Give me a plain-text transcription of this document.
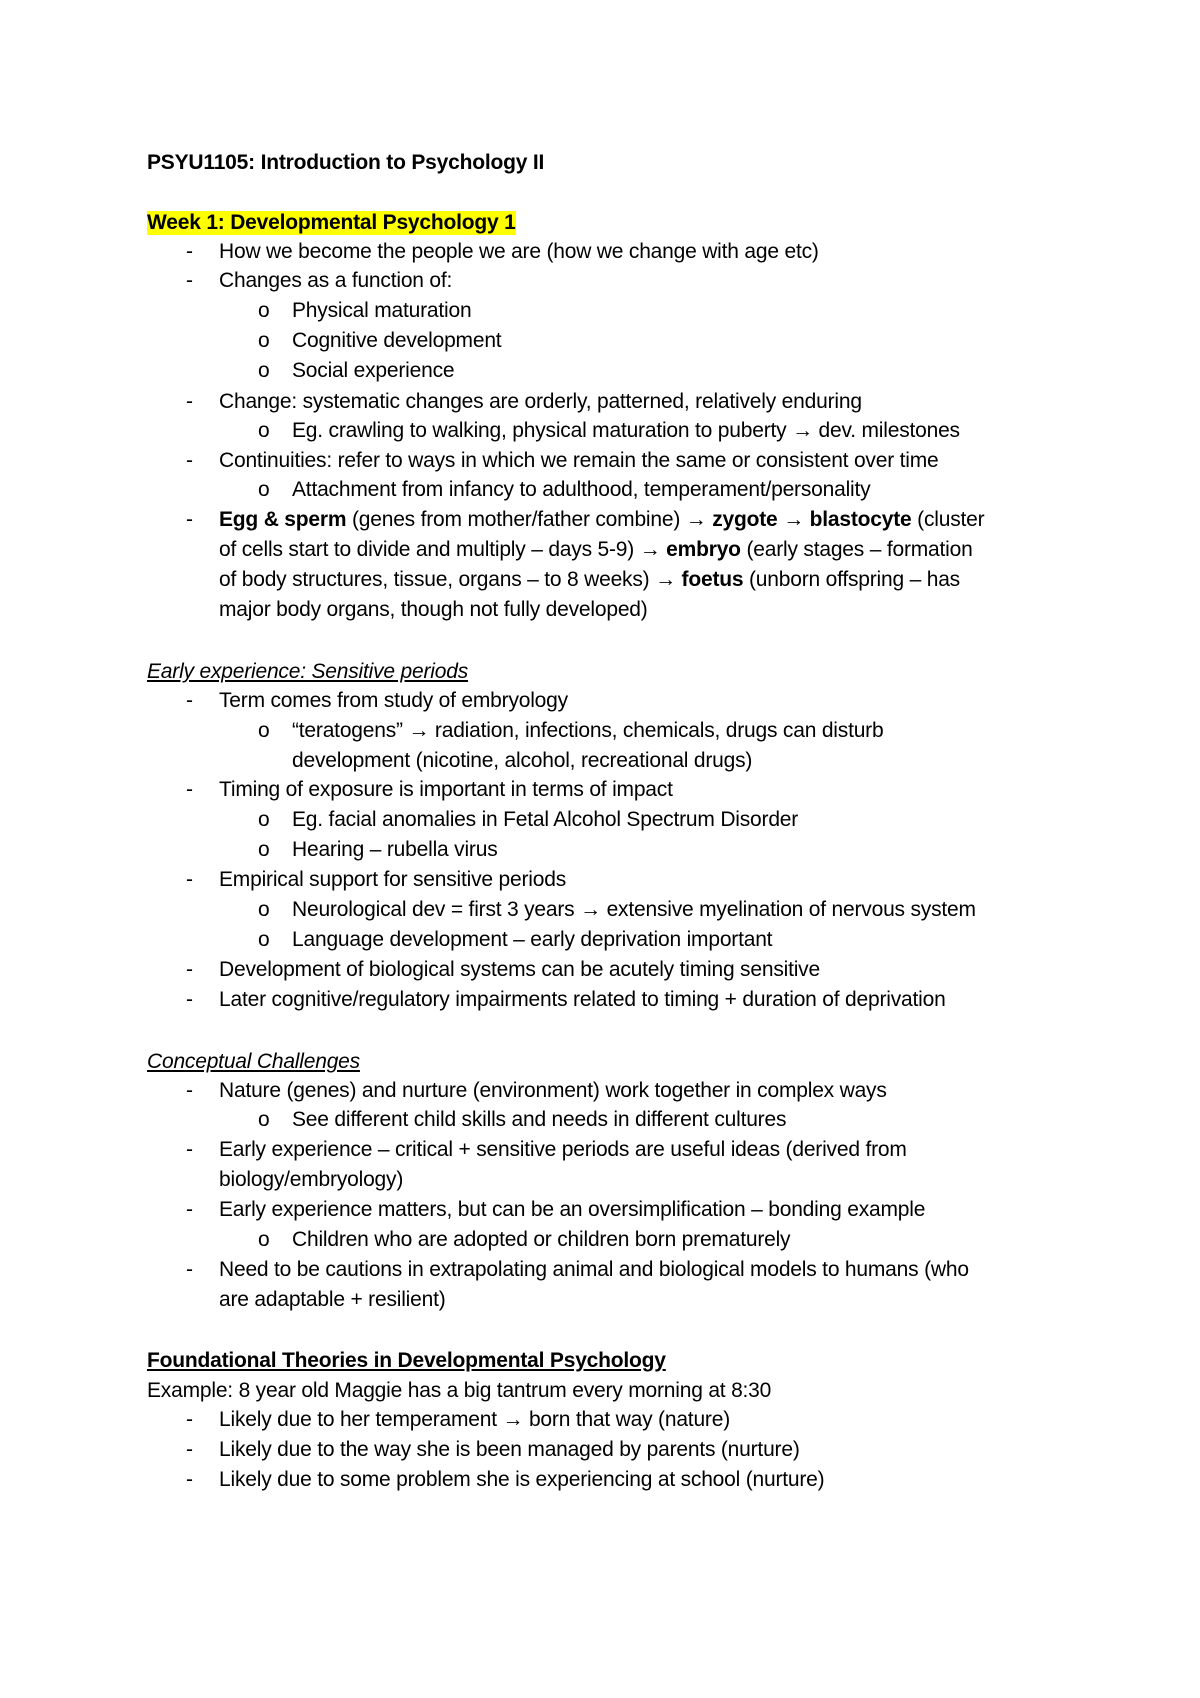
PSYU1105: Introduction to Psychology II
Week 1: Developmental Psychology 1
- How we become the people we are (how we change with age etc)
- Changes as a function of:
o Physical maturation
o Cognitive development
o Social experience
- Change: systematic changes are orderly, patterned, relatively enduring
o Eg. crawling to walking, physical maturation to puberty → dev. milestones
- Continuities: refer to ways in which we remain the same or consistent over time
o Attachment from infancy to adulthood, temperament/personality
- Egg & sperm (genes from mother/father combine) → zygote → blastocyte (cluster
of cells start to divide and multiply – days 5-9) → embryo (early stages – formation
of body structures, tissue, organs – to 8 weeks) → foetus (unborn offspring – has
major body organs, though not fully developed)
Early experience: Sensitive periods
- Term comes from study of embryology
o “teratogens” → radiation, infections, chemicals, drugs can disturb
development (nicotine, alcohol, recreational drugs)
- Timing of exposure is important in terms of impact
o Eg. facial anomalies in Fetal Alcohol Spectrum Disorder
o Hearing – rubella virus
- Empirical support for sensitive periods
o Neurological dev = first 3 years → extensive myelination of nervous system
o Language development – early deprivation important
- Development of biological systems can be acutely timing sensitive
- Later cognitive/regulatory impairments related to timing + duration of deprivation
Conceptual Challenges
- Nature (genes) and nurture (environment) work together in complex ways
o See different child skills and needs in different cultures
- Early experience – critical + sensitive periods are useful ideas (derived from
biology/embryology)
- Early experience matters, but can be an oversimplification – bonding example
o Children who are adopted or children born prematurely
- Need to be cautions in extrapolating animal and biological models to humans (who
are adaptable + resilient)
Foundational Theories in Developmental Psychology
Example: 8 year old Maggie has a big tantrum every morning at 8:30
- Likely due to her temperament → born that way (nature)
- Likely due to the way she is been managed by parents (nurture)
- Likely due to some problem she is experiencing at school (nurture)
